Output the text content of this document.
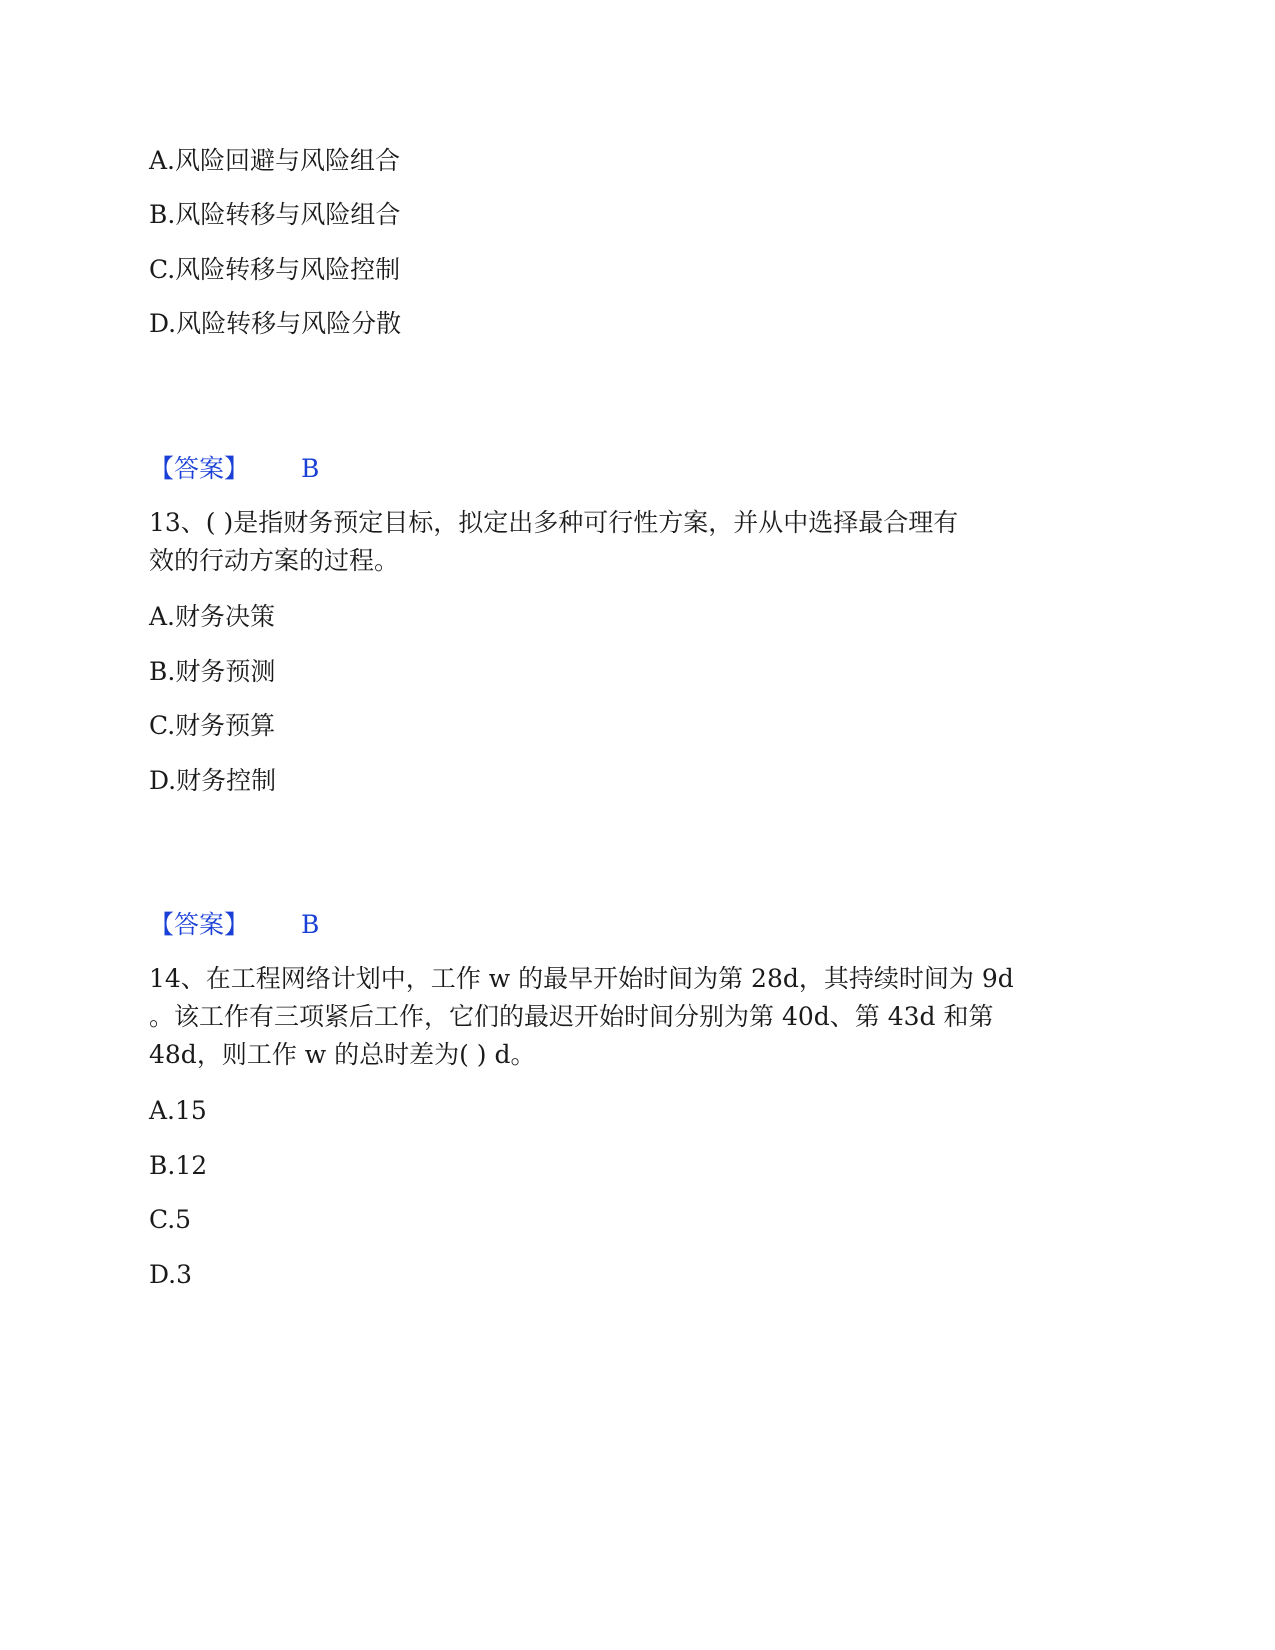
A.风险回避与风险组合
B.风险转移与风险组合
C.风险转移与风险控制
D.风险转移与风险分散
【答案】 B
13、( )是指财务预定目标，拟定出多种可行性方案，并从中选择最合理有
效的行动方案的过程。
A.财务决策
B.财务预测
C.财务预算
D.财务控制
【答案】 B
14、在工程网络计划中，工作 w 的最早开始时间为第 28d，其持续时间为 9d
。该工作有三项紧后工作，它们的最迟开始时间分别为第 40d、第 43d 和第
48d，则工作 w 的总时差为( ) d。
A.15
B.12
C.5
D.3
